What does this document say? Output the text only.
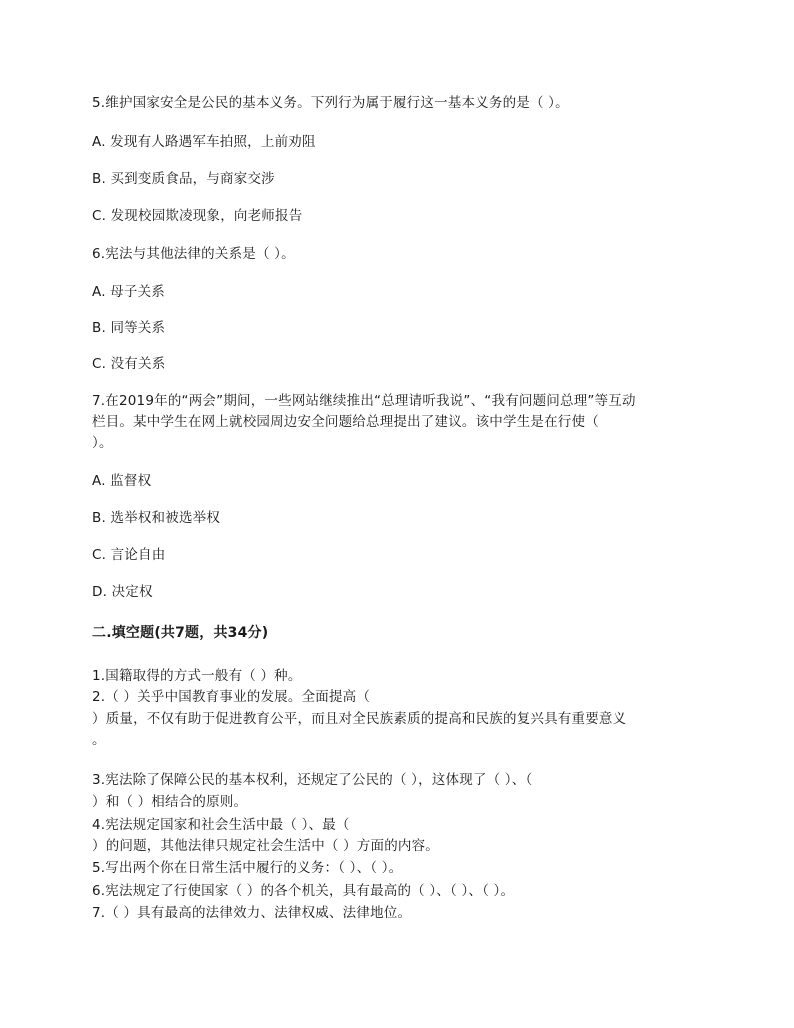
5.维护国家安全是公民的基本义务。下列行为属于履行这一基本义务的是（ ）。
A. 发现有人路遇军车拍照，上前劝阻
B. 买到变质食品，与商家交涉
C. 发现校园欺凌现象，向老师报告
6.宪法与其他法律的关系是（ ）。
A. 母子关系
B. 同等关系
C. 没有关系
7.在2019年的“两会”期间，一些网站继续推出“总理请听我说”、“我有问题问总理”等互动
栏目。某中学生在网上就校园周边安全问题给总理提出了建议。该中学生是在行使（
）。
A. 监督权
B. 选举权和被选举权
C. 言论自由
D. 决定权
二.填空题(共7题，共34分)
1.国籍取得的方式一般有（ ）种。
2.（ ）关乎中国教育事业的发展。全面提高（
）质量，不仅有助于促进教育公平，而且对全民族素质的提高和民族的复兴具有重要意义
。
3.宪法除了保障公民的基本权利，还规定了公民的（ ），这体现了（ ）、（
）和（ ）相结合的原则。
4.宪法规定国家和社会生活中最（ ）、最（
）的问题，其他法律只规定社会生活中（ ）方面的内容。
5.写出两个你在日常生活中履行的义务：（ ）、（ ）。
6.宪法规定了行使国家（ ）的各个机关，具有最高的（ ）、（ ）、（ ）。
7.（ ）具有最高的法律效力、法律权威、法律地位。
